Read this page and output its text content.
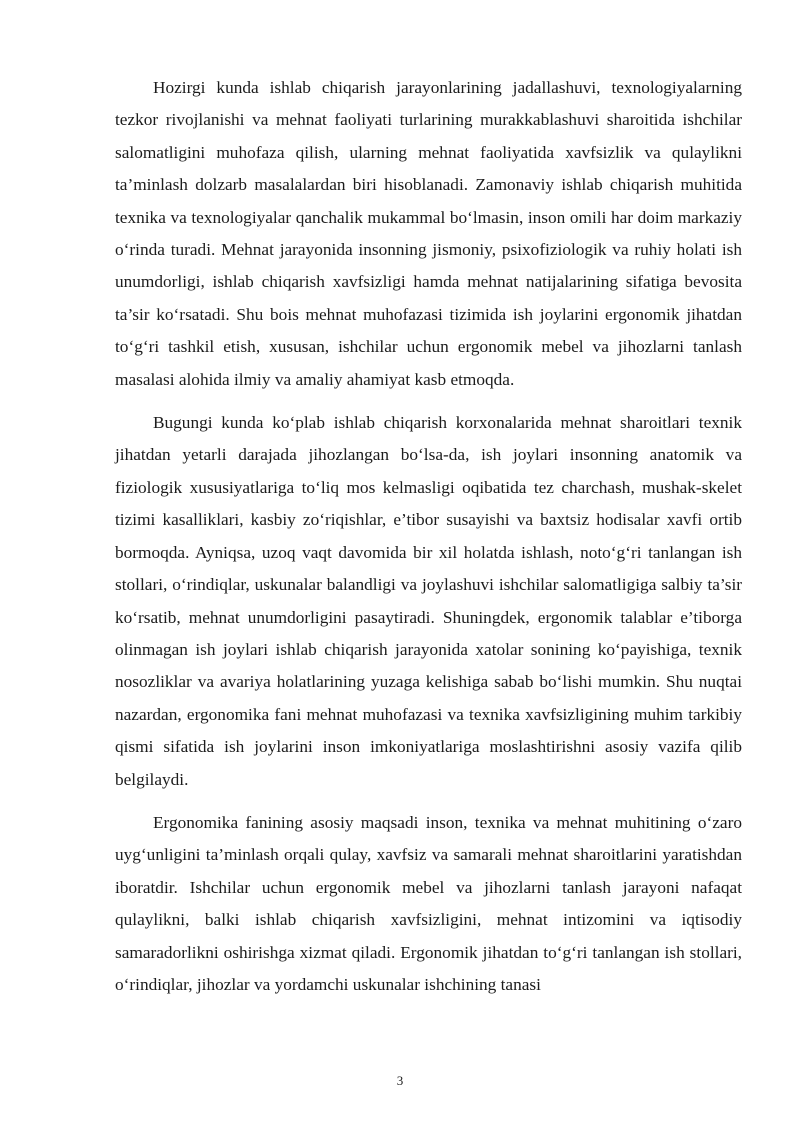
Hozirgi kunda ishlab chiqarish jarayonlarining jadallashuvi, texnologiyalarning tezkor rivojlanishi va mehnat faoliyati turlarining murakkablashuvi sharoitida ishchilar salomatligini muhofaza qilish, ularning mehnat faoliyatida xavfsizlik va qulaylikni ta’minlash dolzarb masalalardan biri hisoblanadi. Zamonaviy ishlab chiqarish muhitida texnika va texnologiyalar qanchalik mukammal bo‘lmasin, inson omili har doim markaziy o‘rinda turadi. Mehnat jarayonida insonning jismoniy, psixofiziologik va ruhiy holati ish unumdorligi, ishlab chiqarish xavfsizligi hamda mehnat natijalarining sifatiga bevosita ta’sir ko‘rsatadi. Shu bois mehnat muhofazasi tizimida ish joylarini ergonomik jihatdan to‘g‘ri tashkil etish, xususan, ishchilar uchun ergonomik mebel va jihozlarni tanlash masalasi alohida ilmiy va amaliy ahamiyat kasb etmoqda.

Bugungi kunda ko‘plab ishlab chiqarish korxonalarida mehnat sharoitlari texnik jihatdan yetarli darajada jihozlangan bo‘lsa-da, ish joylari insonning anatomik va fiziologik xususiyatlariga to‘liq mos kelmasligi oqibatida tez charchash, mushak-skelet tizimi kasalliklari, kasbiy zo‘riqishlar, e’tibor susayishi va baxtsiz hodisalar xavfi ortib bormoqda. Ayniqsa, uzoq vaqt davomida bir xil holatda ishlash, noto‘g‘ri tanlangan ish stollari, o‘rindiqlar, uskunalar balandligi va joylashuvi ishchilar salomatligiga salbiy ta’sir ko‘rsatib, mehnat unumdorligini pasaytiradi. Shuningdek, ergonomik talablar e’tiborga olinmagan ish joylari ishlab chiqarish jarayonida xatolar sonining ko‘payishiga, texnik nosozliklar va avariya holatlarining yuzaga kelishiga sabab bo‘lishi mumkin. Shu nuqtai nazardan, ergonomika fani mehnat muhofazasi va texnika xavfsizligining muhim tarkibiy qismi sifatida ish joylarini inson imkoniyatlariga moslashtirishni asosiy vazifa qilib belgilaydi.

Ergonomika fanining asosiy maqsadi inson, texnika va mehnat muhitining o‘zaro uyg‘unligini ta’minlash orqali qulay, xavfsiz va samarali mehnat sharoitlarini yaratishdan iboratdir. Ishchilar uchun ergonomik mebel va jihozlarni tanlash jarayoni nafaqat qulaylikni, balki ishlab chiqarish xavfsizligini, mehnat intizomini va iqtisodiy samaradorlikni oshirishga xizmat qiladi. Ergonomik jihatdan to‘g‘ri tanlangan ish stollari, o‘rindiqlar, jihozlar va yordamchi uskunalar ishchining tanasi

3
